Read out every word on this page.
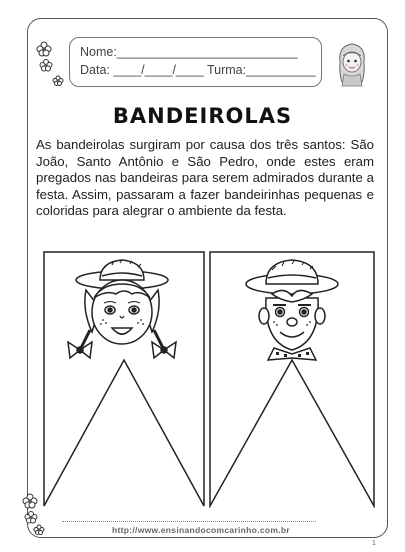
Nome:__________________________
Data: ____/____/____ Turma:__________
BANDEIROLAS
As bandeirolas surgiram por causa dos três santos: São João, Santo Antônio e São Pedro, onde estes eram pregados nas bandeiras para serem admirados durante a festa. Assim, passaram a fazer bandeirinhas pequenas e coloridas para alegrar o ambiente da festa.
http://www.ensinandocomcarinho.com.br
1
